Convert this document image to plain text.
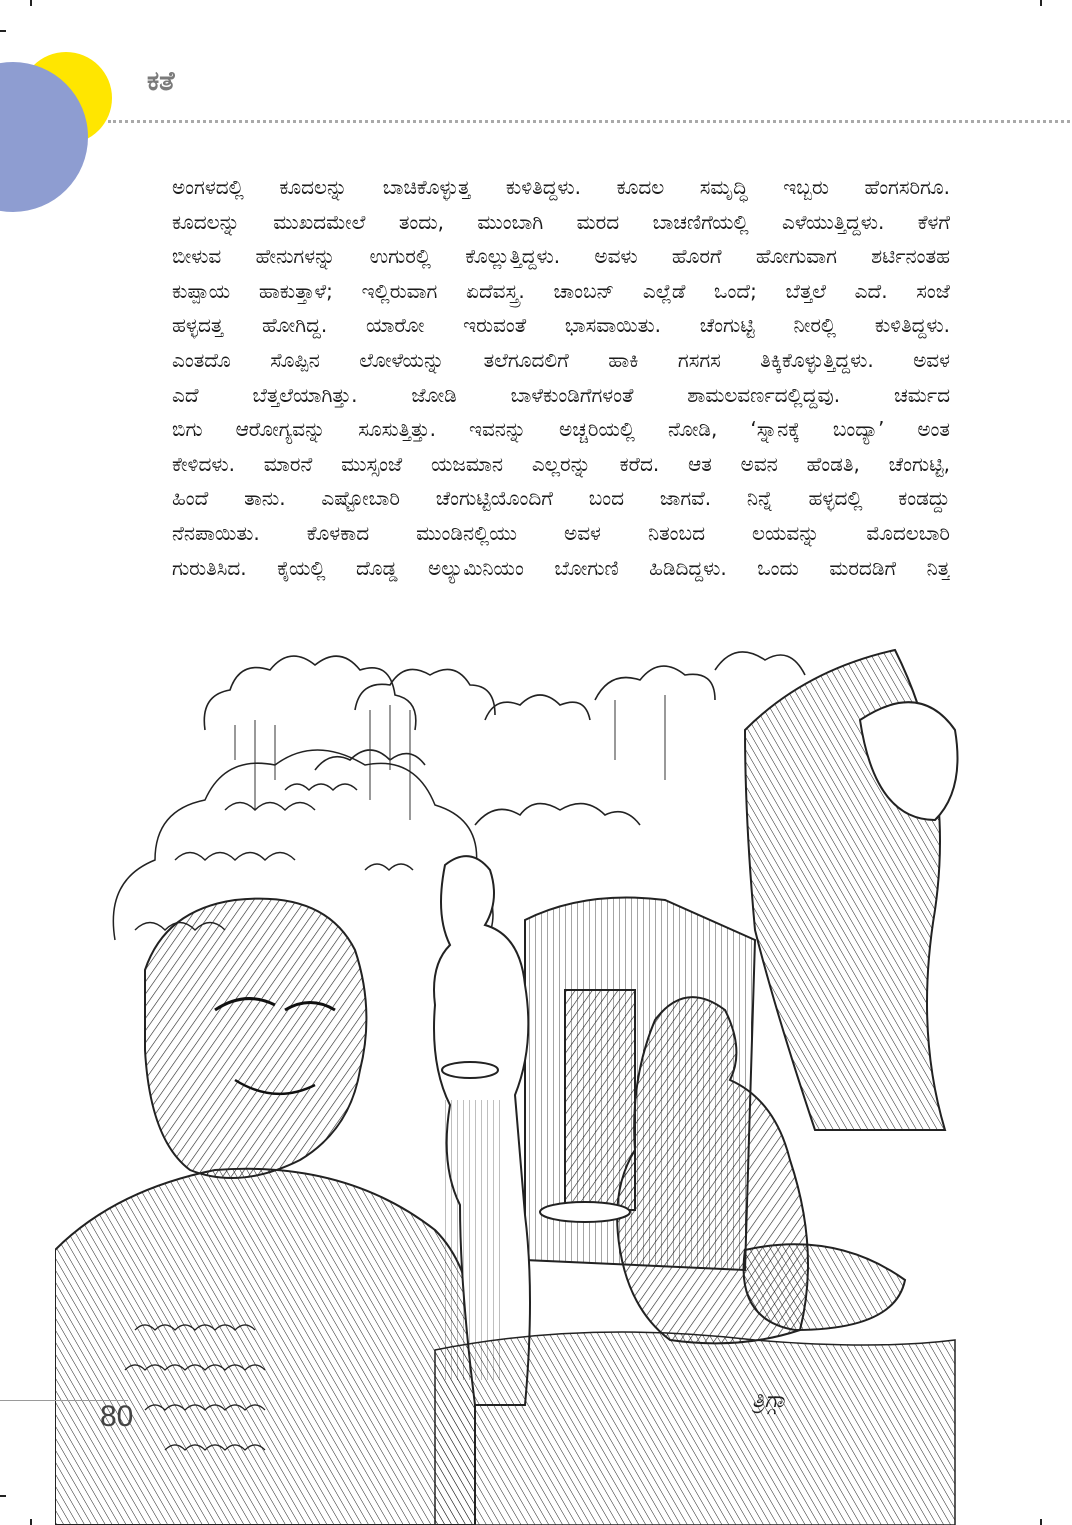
ಕತೆ
ಅಂಗಳದಲ್ಲಿ ಕೂದಲನ್ನು ಬಾಚಿಕೊಳ್ಳುತ್ತ ಕುಳಿತಿದ್ದಳು. ಕೂದಲ ಸಮೃದ್ಧಿ ಇಬ್ಬರು ಹೆಂಗಸರಿಗೂ.
ಕೂದಲನ್ನು ಮುಖದಮೇಲೆ ತಂದು, ಮುಂಬಾಗಿ ಮರದ ಬಾಚಣಿಗೆಯಲ್ಲಿ ಎಳೆಯುತ್ತಿದ್ದಳು. ಕೆಳಗೆ
ಬೀಳುವ ಹೇನುಗಳನ್ನು ಉಗುರಲ್ಲಿ ಕೊಲ್ಲುತ್ತಿದ್ದಳು. ಅವಳು ಹೊರಗೆ ಹೋಗುವಾಗ ಶರ್ಟಿನಂತಹ
ಕುಪ್ಪಾಯ ಹಾಕುತ್ತಾಳೆ; ಇಲ್ಲಿರುವಾಗ ಏದೆವಸ್ತ್ರ. ಚಾಂಬನ್ ಎಲ್ಲೆಡೆ ಒಂದೆ; ಬೆತ್ತಲೆ ಎದೆ. ಸಂಜೆ
ಹಳ್ಳದತ್ತ ಹೋಗಿದ್ದ. ಯಾರೋ ಇರುವಂತೆ ಭಾಸವಾಯಿತು. ಚೆಂಗುಟ್ಟಿ ನೀರಲ್ಲಿ ಕುಳಿತಿದ್ದಳು.
ಎಂತದೊ ಸೊಪ್ಪಿನ ಲೋಳೆಯನ್ನು ತಲೆಗೂದಲಿಗೆ ಹಾಕಿ ಗಸಗಸ ತಿಕ್ಕಿಕೊಳ್ಳುತ್ತಿದ್ದಳು. ಅವಳ
ಎದೆ ಬೆತ್ತಲೆಯಾಗಿತ್ತು. ಜೋಡಿ ಬಾಳೆಕುಂಡಿಗೆಗಳಂತೆ ಶಾಮಲವರ್ಣದಲ್ಲಿದ್ದವು. ಚರ್ಮದ
ಬಿಗು ಆರೋಗ್ಯವನ್ನು ಸೂಸುತ್ತಿತ್ತು. ಇವನನ್ನು ಅಚ್ಚರಿಯಲ್ಲಿ ನೋಡಿ, ‘ಸ್ನಾನಕ್ಕೆ ಬಂದ್ಯಾ’ ಅಂತ
ಕೇಳಿದಳು. ಮಾರನೆ ಮುಸ್ಸಂಜೆ ಯಜಮಾನ ಎಲ್ಲರನ್ನು ಕರೆದ. ಆತ ಅವನ ಹೆಂಡತಿ, ಚೆಂಗುಟ್ಟಿ,
ಹಿಂದೆ ತಾನು. ಎಷ್ಟೋಬಾರಿ ಚೆಂಗುಟ್ಟಿಯೊಂದಿಗೆ ಬಂದ ಜಾಗವೆ. ನಿನ್ನೆ ಹಳ್ಳದಲ್ಲಿ ಕಂಡದ್ದು
ನೆನಪಾಯಿತು. ಕೊಳಕಾದ ಮುಂಡಿನಲ್ಲಿಯು ಅವಳ ನಿತಂಬದ ಲಯವನ್ನು ಮೊದಲಬಾರಿ
ಗುರುತಿಸಿದ. ಕೈಯಲ್ಲಿ ದೊಡ್ಡ ಅಲ್ಯುಮಿನಿಯಂ ಬೋಗುಣಿ ಹಿಡಿದಿದ್ದಳು. ಒಂದು ಮರದಡಿಗೆ ನಿತ್ತ
80	ತ್ರಿಗ್ಗಾ
